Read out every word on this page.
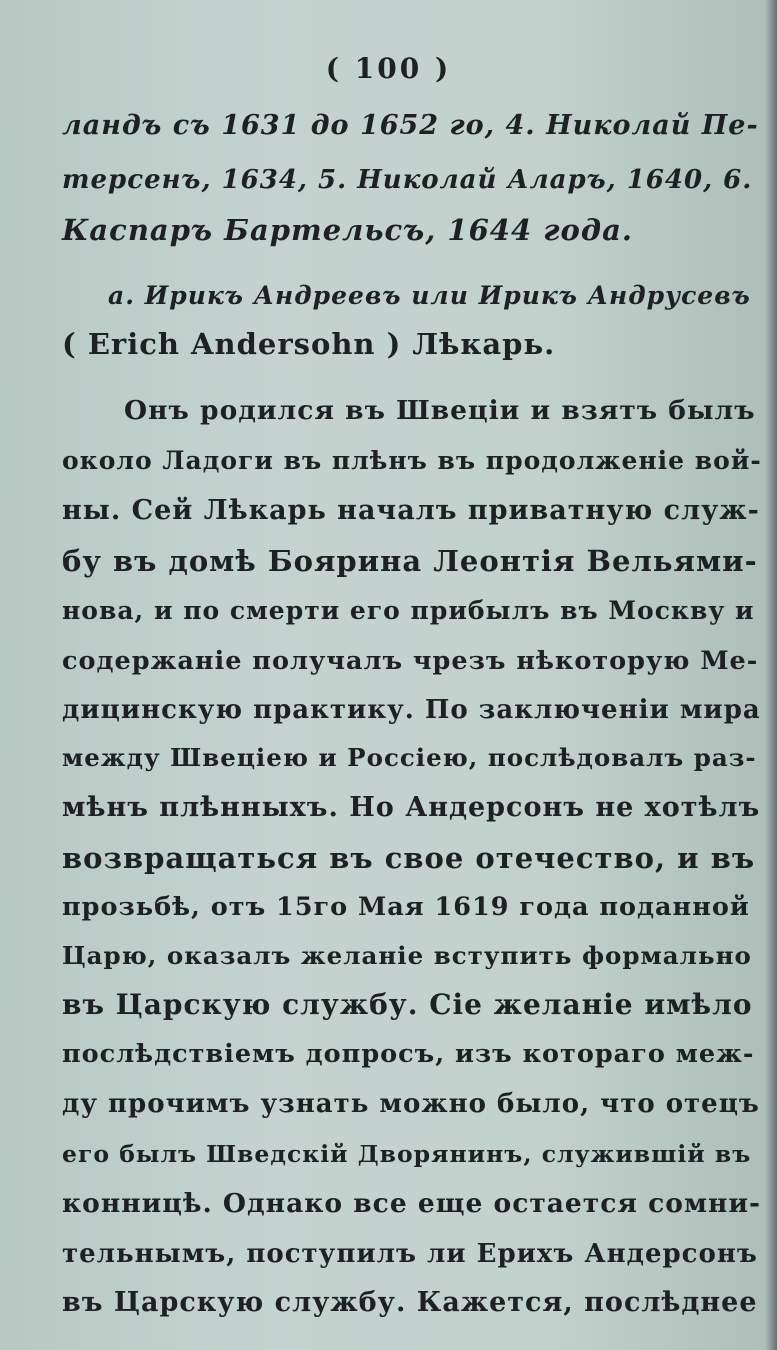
( 100 )
ландъ съ 1631 до 1652 го, 4. Николай Пе-
терсенъ, 1634, 5. Николай Аларъ, 1640, 6.
Каспаръ Бартельсъ, 1644 года.
а. Ирикъ Андреевъ или Ирикъ Андрусевъ
( Erich Andersohn ) Лѣкарь.
Онъ родился въ Швеціи и взятъ былъ
около Ладоги въ плѣнъ въ продолженіе вой-
ны. Сей Лѣкарь началъ приватную служ-
бу въ домѣ Боярина Леонтія Вельями-
нова, и по смерти его прибылъ въ Москву и
содержаніе получалъ чрезъ нѣкоторую Ме-
дицинскую практику. По заключеніи мира
между Швеціею и Россіею, послѣдовалъ раз-
мѣнъ плѣнныхъ. Но Андерсонъ не хотѣлъ
возвращаться въ свое отечество, и въ
прозьбѣ, отъ 15го Мая 1619 года поданной
Царю, оказалъ желаніе вступить формально
въ Царскую службу. Сіе желаніе имѣло
послѣдствіемъ допросъ, изъ котораго меж-
ду прочимъ узнать можно было, что отецъ
его былъ Шведскій Дворянинъ, служившій въ
конницѣ. Однако все еще остается сомни-
тельнымъ, поступилъ ли Ерихъ Андерсонъ
въ Царскую службу. Кажется, послѣднее
